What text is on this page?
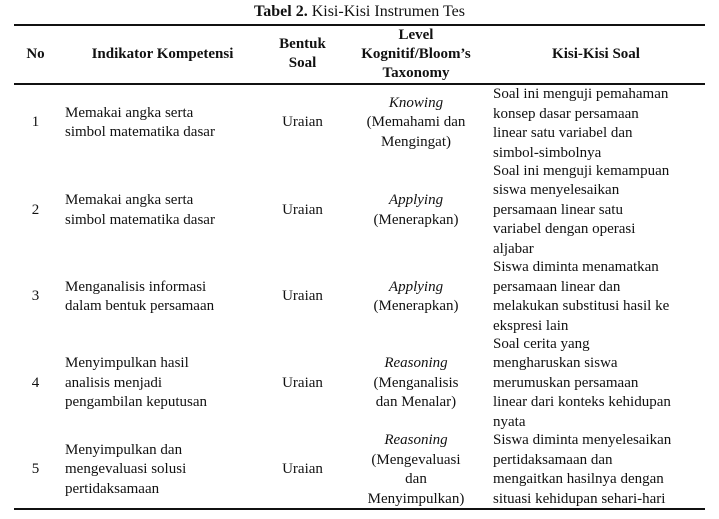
Tabel 2. Kisi-Kisi Instrumen Tes
No	Indikator Kompetensi
Bentuk
Soal
Level
Kognitif/Bloom’s
Taxonomy
Kisi-Kisi Soal
1
Memakai angka serta
simbol matematika dasar
Uraian
Knowing
(Memahami dan
Mengingat)
Soal ini menguji pemahaman
konsep dasar persamaan
linear satu variabel dan
simbol-simbolnya
2
Memakai angka serta
simbol matematika dasar
Uraian
Applying
(Menerapkan)
Soal ini menguji kemampuan
siswa menyelesaikan
persamaan linear satu
variabel dengan operasi
aljabar
3
Menganalisis informasi
dalam bentuk persamaan
Uraian
Applying
(Menerapkan)
Siswa diminta menamatkan
persamaan linear dan
melakukan substitusi hasil ke
ekspresi lain
4
Menyimpulkan hasil
analisis menjadi
pengambilan keputusan
Uraian
Reasoning
(Menganalisis
dan Menalar)
Soal cerita yang
mengharuskan siswa
merumuskan persamaan
linear dari konteks kehidupan
nyata
5
Menyimpulkan dan
mengevaluasi solusi
pertidaksamaan
Uraian
Reasoning
(Mengevaluasi
dan
Menyimpulkan)
Siswa diminta menyelesaikan
pertidaksamaan dan
mengaitkan hasilnya dengan
situasi kehidupan sehari-hari
